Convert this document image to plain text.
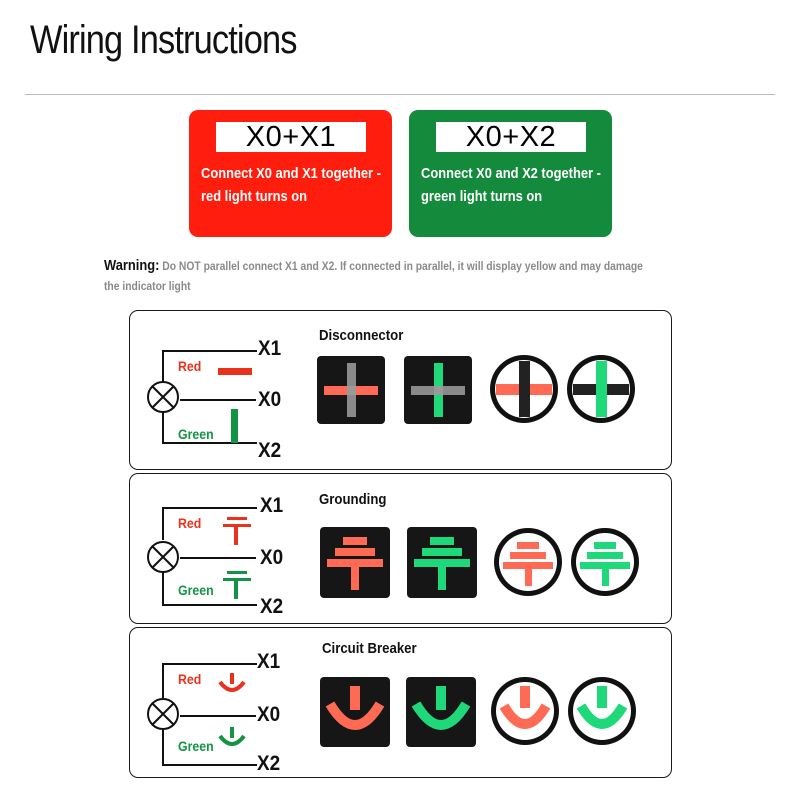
Wiring Instructions
X0+X1
Connect X0 and X1 together - red light turns on
X0+X2
Connect X0 and X2 together - green light turns on
Warning: Do NOT parallel connect X1 and X2. If connected in parallel, it will display yellow and may damage the indicator light
Disconnector
Red
Green
X1
X0
X2
Grounding
Red
Green
X1
X0
X2
Circuit Breaker
Red
Green
X1
X0
X2
